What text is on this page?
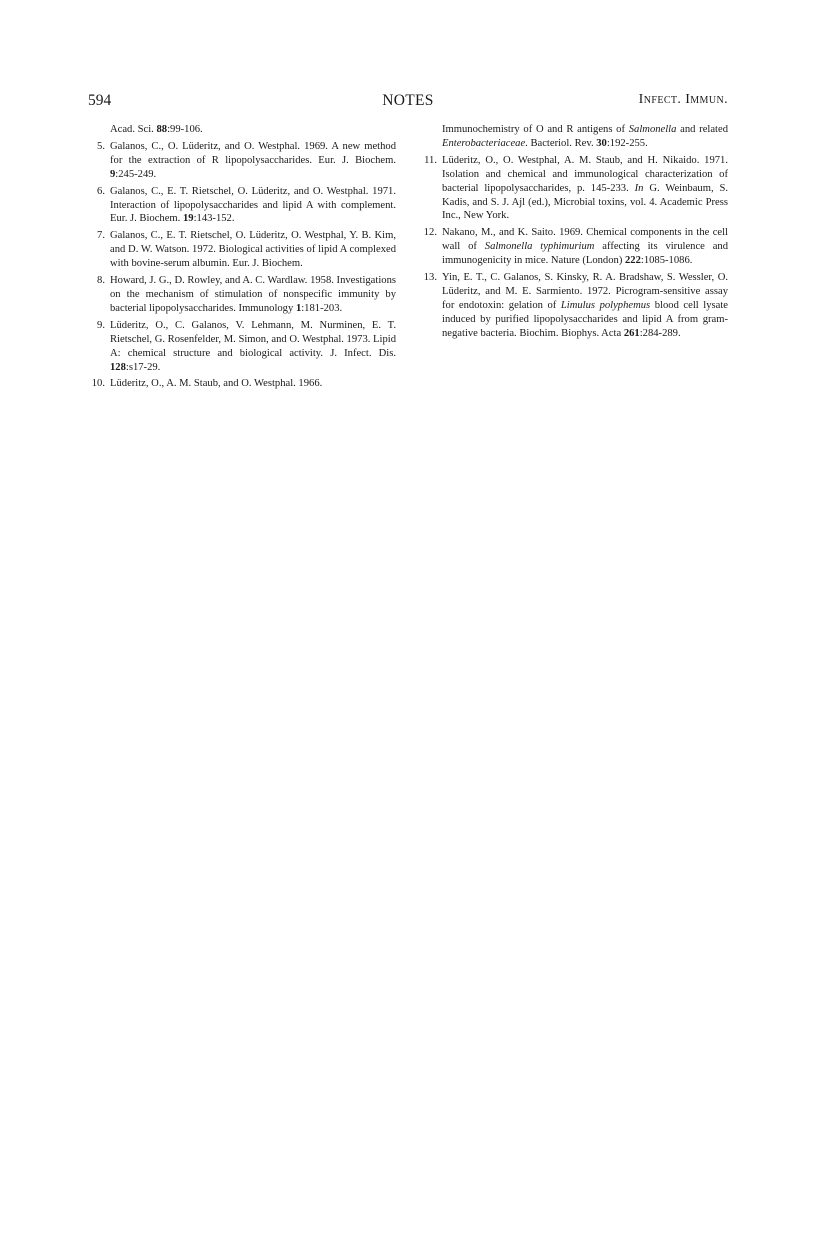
594	NOTES	Infect. Immun.

Acad. Sci. 88:99-106.

5. Galanos, C., O. Lüderitz, and O. Westphal. 1969. A new method for the extraction of R lipopolysaccharides. Eur. J. Biochem. 9:245-249.

6. Galanos, C., E. T. Rietschel, O. Lüderitz, and O. Westphal. 1971. Interaction of lipopolysaccharides and lipid A with complement. Eur. J. Biochem. 19:143-152.

7. Galanos, C., E. T. Rietschel, O. Lüderitz, O. Westphal, Y. B. Kim, and D. W. Watson. 1972. Biological activities of lipid A complexed with bovine-serum albumin. Eur. J. Biochem.

8. Howard, J. G., D. Rowley, and A. C. Wardlaw. 1958. Investigations on the mechanism of stimulation of nonspecific immunity by bacterial lipopolysaccharides. Immunology 1:181-203.

9. Lüderitz, O., C. Galanos, V. Lehmann, M. Nurminen, E. T. Rietschel, G. Rosenfelder, M. Simon, and O. Westphal. 1973. Lipid A: chemical structure and biological activity. J. Infect. Dis. 128:s17-29.

10. Lüderitz, O., A. M. Staub, and O. Westphal. 1966.

Immunochemistry of O and R antigens of Salmonella and related Enterobacteriaceae. Bacteriol. Rev. 30:192-255.

11. Lüderitz, O., O. Westphal, A. M. Staub, and H. Nikaido. 1971. Isolation and chemical and immunological characterization of bacterial lipopolysaccharides, p. 145-233. In G. Weinbaum, S. Kadis, and S. J. Ajl (ed.), Microbial toxins, vol. 4. Academic Press Inc., New York.

12. Nakano, M., and K. Saito. 1969. Chemical components in the cell wall of Salmonella typhimurium affecting its virulence and immunogenicity in mice. Nature (London) 222:1085-1086.

13. Yin, E. T., C. Galanos, S. Kinsky, R. A. Bradshaw, S. Wessler, O. Lüderitz, and M. E. Sarmiento. 1972. Picrogram-sensitive assay for endotoxin: gelation of Limulus polyphemus blood cell lysate induced by purified lipopolysaccharides and lipid A from gram-negative bacteria. Biochim. Biophys. Acta 261:284-289.
